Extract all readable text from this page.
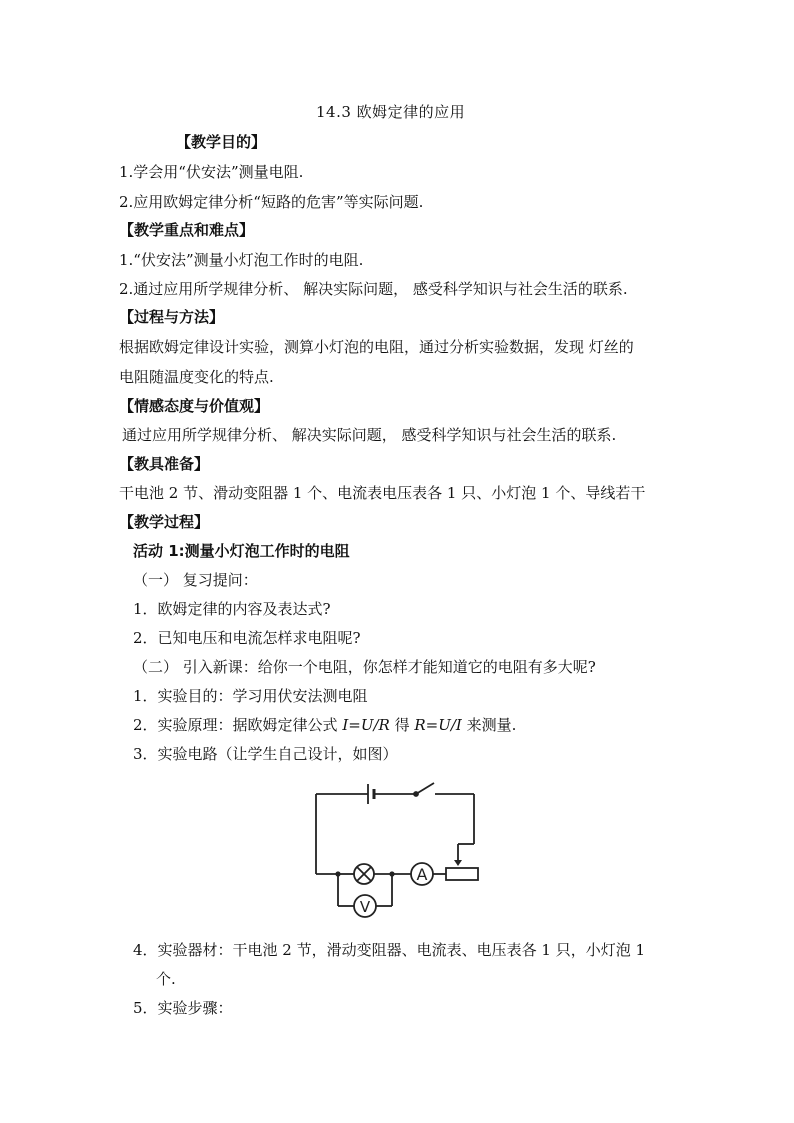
14.3 欧姆定律的应用
【教学目的】
1.学会用“伏安法”测量电阻.
2.应用欧姆定律分析“短路的危害”等实际问题.
【教学重点和难点】
1.“伏安法”测量小灯泡工作时的电阻.
2.通过应用所学规律分析、 解决实际问题， 感受科学知识与社会生活的联系.
【过程与方法】
根据欧姆定律设计实验，测算小灯泡的电阻，通过分析实验数据，发现 灯丝的
电阻随温度变化的特点.
【情感态度与价值观】
通过应用所学规律分析、 解决实际问题， 感受科学知识与社会生活的联系.
【教具准备】
干电池 2 节、滑动变阻器 1 个、电流表电压表各 1 只、小灯泡 1 个、导线若干
【教学过程】
活动 1:测量小灯泡工作时的电阻
（一） 复习提问：
1．欧姆定律的内容及表达式?
2．已知电压和电流怎样求电阻呢?
（二） 引入新课：给你一个电阻，你怎样才能知道它的电阻有多大呢?
1．实验目的：学习用伏安法测电阻
2．实验原理：据欧姆定律公式 I=U/R 得 R=U/I 来测量.
3．实验电路（让学生自己设计，如图）
A
V
4．实验器材：干电池 2 节，滑动变阻器、电流表、电压表各 1 只，小灯泡 1
个.
5．实验步骤：
